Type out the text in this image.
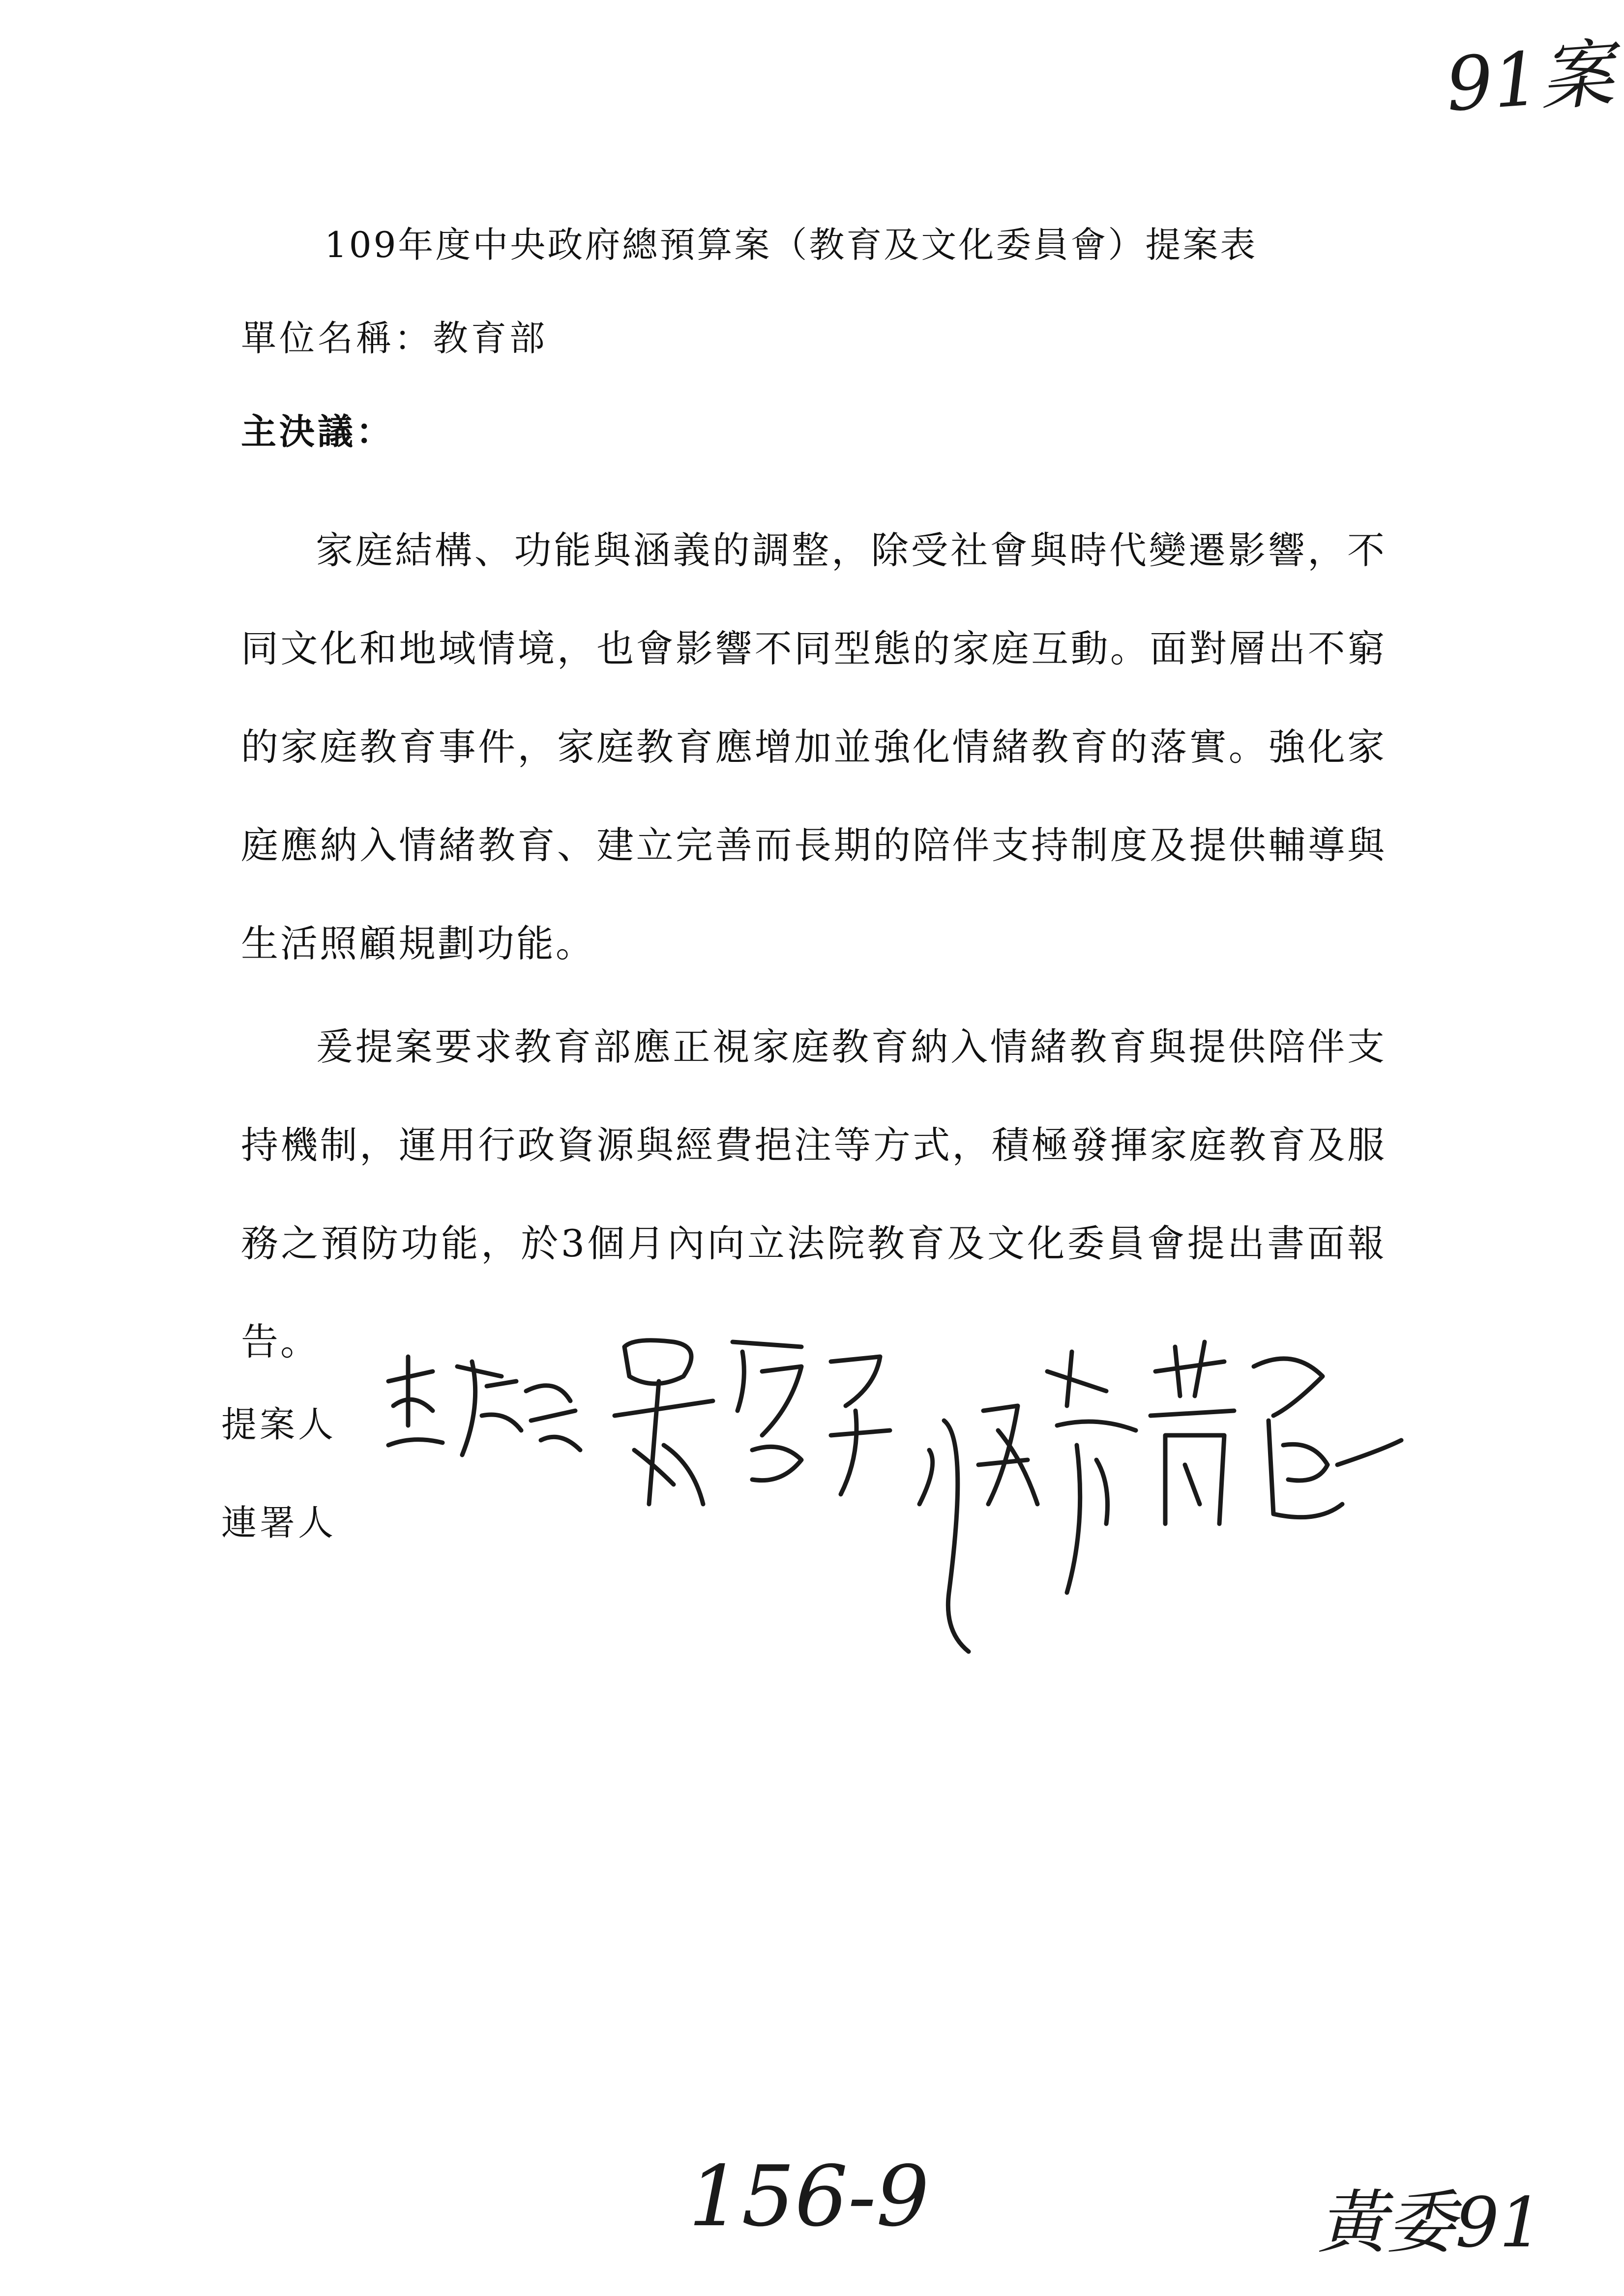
91案
109年度中央政府總預算案（教育及文化委員會）提案表
單位名稱：教育部
主決議：

家庭結構、功能與涵義的調整，除受社會與時代變遷影響，不同文化和地域情境，也會影響不同型態的家庭互動。面對層出不窮的家庭教育事件，家庭教育應增加並強化情緒教育的落實。強化家庭應納入情緒教育、建立完善而長期的陪伴支持制度及提供輔導與生活照顧規劃功能。

爰提案要求教育部應正視家庭教育納入情緒教育與提供陪伴支持機制，運用行政資源與經費挹注等方式，積極發揮家庭教育及服務之預防功能，於3個月內向立法院教育及文化委員會提出書面報告。

提案人
連署人
156-9	黃委91
